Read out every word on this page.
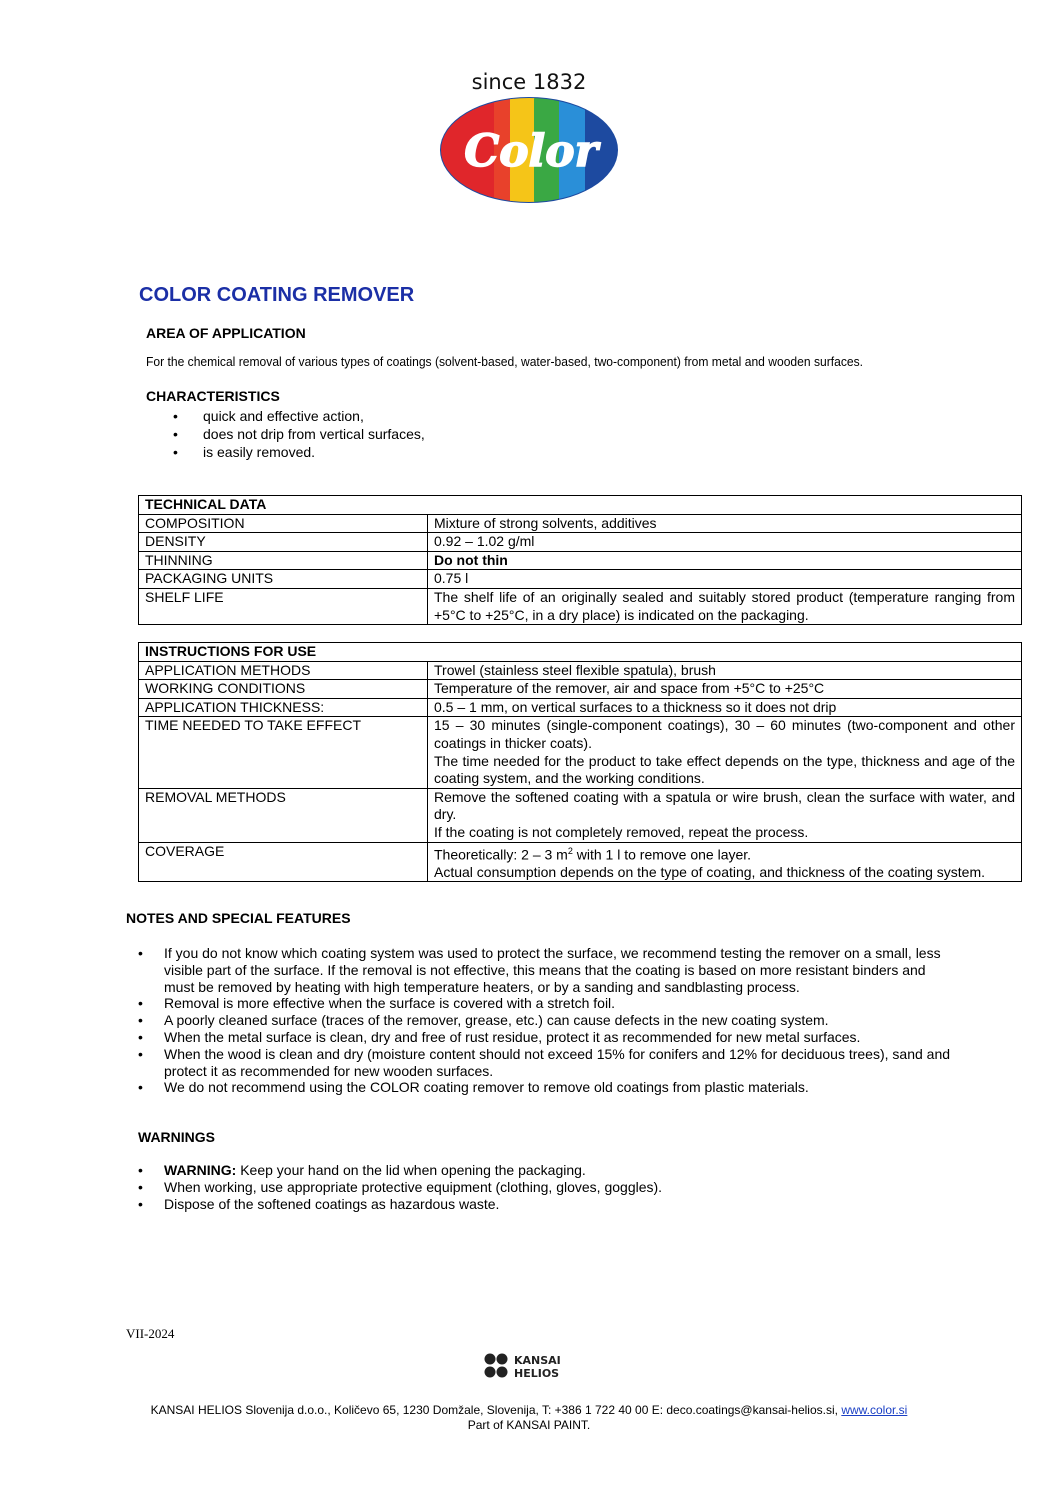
since 1832
Color
COLOR COATING REMOVER

AREA OF APPLICATION

For the chemical removal of various types of coatings (solvent-based, water-based, two-component) from metal and wooden surfaces.

CHARACTERISTICS

• quick and effective action,
• does not drip from vertical surfaces,
• is easily removed.
TECHNICAL DATA	
COMPOSITION	Mixture of strong solvents, additives
DENSITY	0.92 – 1.02 g/ml
THINNING	Do not thin
PACKAGING UNITS	0.75 l
SHELF LIFE	The shelf life of an originally sealed and suitably stored product (temperature ranging from +5°C to +25°C, in a dry place) is indicated on the packaging.
INSTRUCTIONS FOR USE	
APPLICATION METHODS	Trowel (stainless steel flexible spatula), brush
WORKING CONDITIONS	Temperature of the remover, air and space from +5°C to +25°C
APPLICATION THICKNESS:	0.5 – 1 mm, on vertical surfaces to a thickness so it does not drip
TIME NEEDED TO TAKE EFFECT	15 – 30 minutes (single-component coatings), 30 – 60 minutes (two-component and other coatings in thicker coats).
The time needed for the product to take effect depends on the type, thickness and age of the coating system, and the working conditions.

REMOVAL METHODS	Remove the softened coating with a spatula or wire brush, clean the surface with water, and dry.
If the coating is not completely removed, repeat the process.

COVERAGE	Theoretically: 2 – 3 $m^2$ with 1 l to remove one layer.
Actual consumption depends on the type of coating, and thickness of the coating system.

NOTES AND SPECIAL FEATURES

• If you do not know which coating system was used to protect the surface, we recommend testing the remover on a small, less visible part of the surface. If the removal is not effective, this means that the coating is based on more resistant binders and must be removed by heating with high temperature heaters, or by a sanding and sandblasting process.
• Removal is more effective when the surface is covered with a stretch foil.
• A poorly cleaned surface (traces of the remover, grease, etc.) can cause defects in the new coating system.
• When the metal surface is clean, dry and free of rust residue, protect it as recommended for new metal surfaces.
• When the wood is clean and dry (moisture content should not exceed 15% for conifers and 12% for deciduous trees), sand and protect it as recommended for new wooden surfaces.
• We do not recommend using the COLOR coating remover to remove old coatings from plastic materials.

WARNINGS

• WARNING: Keep your hand on the lid when opening the packaging.
• When working, use appropriate protective equipment (clothing, gloves, goggles).
• Dispose of the softened coatings as hazardous waste.
VII-2024
KANSAI
HELIOS
KANSAI HELIOS Slovenija d.o.o., Količevo 65, 1230 Domžale, Slovenija, T: +386 1 722 40 00 E: deco.coatings@kansai-helios.si, www.color.si
Part of KANSAI PAINT.
